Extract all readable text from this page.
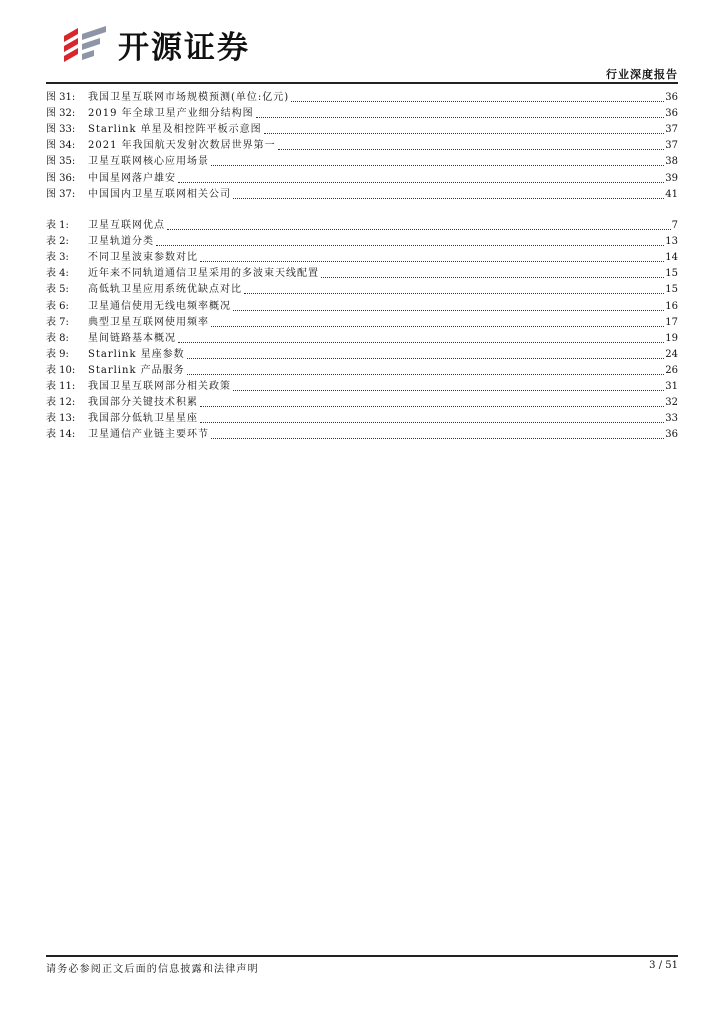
开源证券
行业深度报告
图 31:	我国卫星互联网市场规模预测(单位:亿元)	36
图 32:	2019 年全球卫星产业细分结构图	36
图 33:	Starlink 单星及相控阵平板示意图	37
图 34:	2021 年我国航天发射次数居世界第一	37
图 35:	卫星互联网核心应用场景	38
图 36:	中国星网落户雄安	39
图 37:	中国国内卫星互联网相关公司	41
表 1:	卫星互联网优点	7
表 2:	卫星轨道分类	13
表 3:	不同卫星波束参数对比	14
表 4:	近年来不同轨道通信卫星采用的多波束天线配置	15
表 5:	高低轨卫星应用系统优缺点对比	15
表 6:	卫星通信使用无线电频率概况	16
表 7:	典型卫星互联网使用频率	17
表 8:	星间链路基本概况	19
表 9:	Starlink 星座参数	24
表 10:	Starlink 产品服务	26
表 11:	我国卫星互联网部分相关政策	31
表 12:	我国部分关键技术积累	32
表 13:	我国部分低轨卫星星座	33
表 14:	卫星通信产业链主要环节	36
请务必参阅正文后面的信息披露和法律声明	3 / 51
